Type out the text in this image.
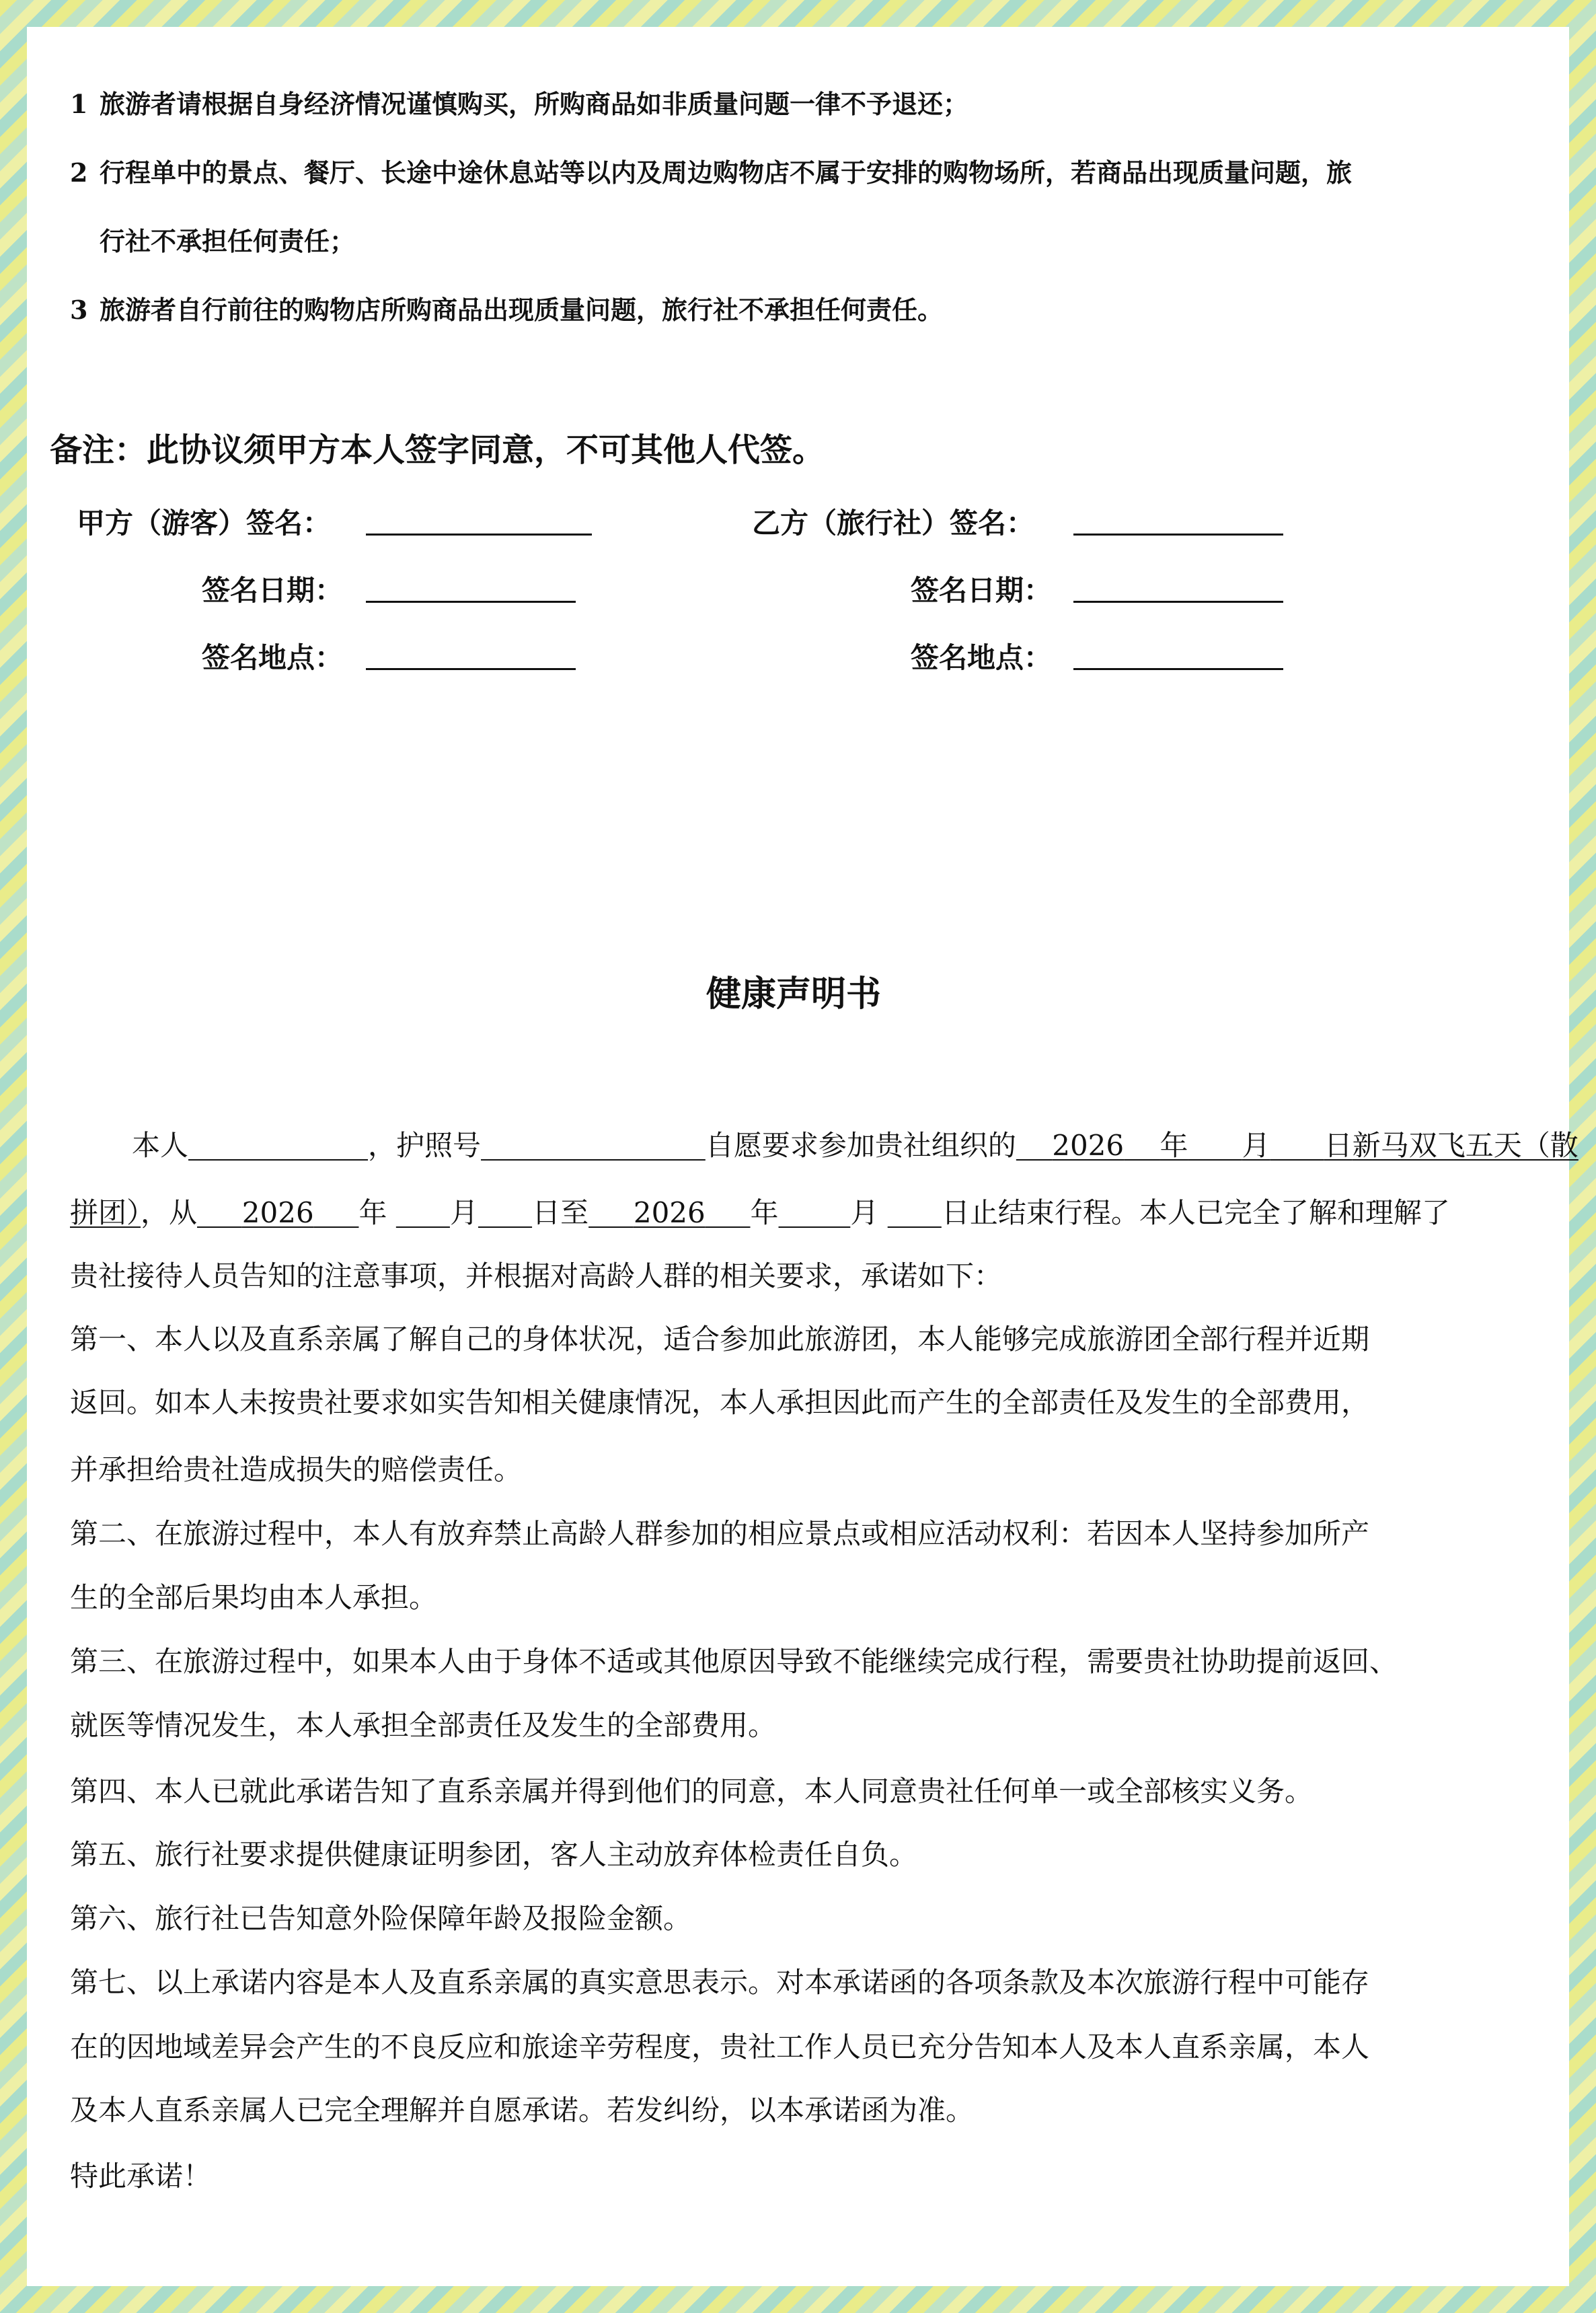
1 旅游者请根据自身经济情况谨慎购买，所购商品如非质量问题一律不予退还；
2 行程单中的景点、餐厅、长途中途休息站等以内及周边购物店不属于安排的购物场所，若商品出现质量问题，旅
行社不承担任何责任；
3 旅游者自行前往的购物店所购商品出现质量问题，旅行社不承担任何责任。
备注：此协议须甲方本人签字同意，不可其他人代签。
甲方（游客）签名：	乙方（旅行社）签名：
签名日期：	签名日期：
签名地点：	签名地点：
健康声明书
本人	，护照号	自愿要求参加贵社组织的 2026 年 月 日新马双飞五天（散
拼团），从 2026 年 月 日至 2026 年	月 日止结束行程。本人已完全了解和理解了
贵社接待人员告知的注意事项，并根据对高龄人群的相关要求，承诺如下：
第一、本人以及直系亲属了解自己的身体状况，适合参加此旅游团，本人能够完成旅游团全部行程并近期
返回。如本人未按贵社要求如实告知相关健康情况，本人承担因此而产生的全部责任及发生的全部费用，
并承担给贵社造成损失的赔偿责任。
第二、在旅游过程中，本人有放弃禁止高龄人群参加的相应景点或相应活动权利：若因本人坚持参加所产
生的全部后果均由本人承担。
第三、在旅游过程中，如果本人由于身体不适或其他原因导致不能继续完成行程，需要贵社协助提前返回、
就医等情况发生，本人承担全部责任及发生的全部费用。
第四、本人已就此承诺告知了直系亲属并得到他们的同意，本人同意贵社任何单一或全部核实义务。
第五、旅行社要求提供健康证明参团，客人主动放弃体检责任自负。
第六、旅行社已告知意外险保障年龄及报险金额。
第七、以上承诺内容是本人及直系亲属的真实意思表示。对本承诺函的各项条款及本次旅游行程中可能存
在的因地域差异会产生的不良反应和旅途辛劳程度，贵社工作人员已充分告知本人及本人直系亲属，本人
及本人直系亲属人已完全理解并自愿承诺。若发纠纷，以本承诺函为准。
特此承诺！
